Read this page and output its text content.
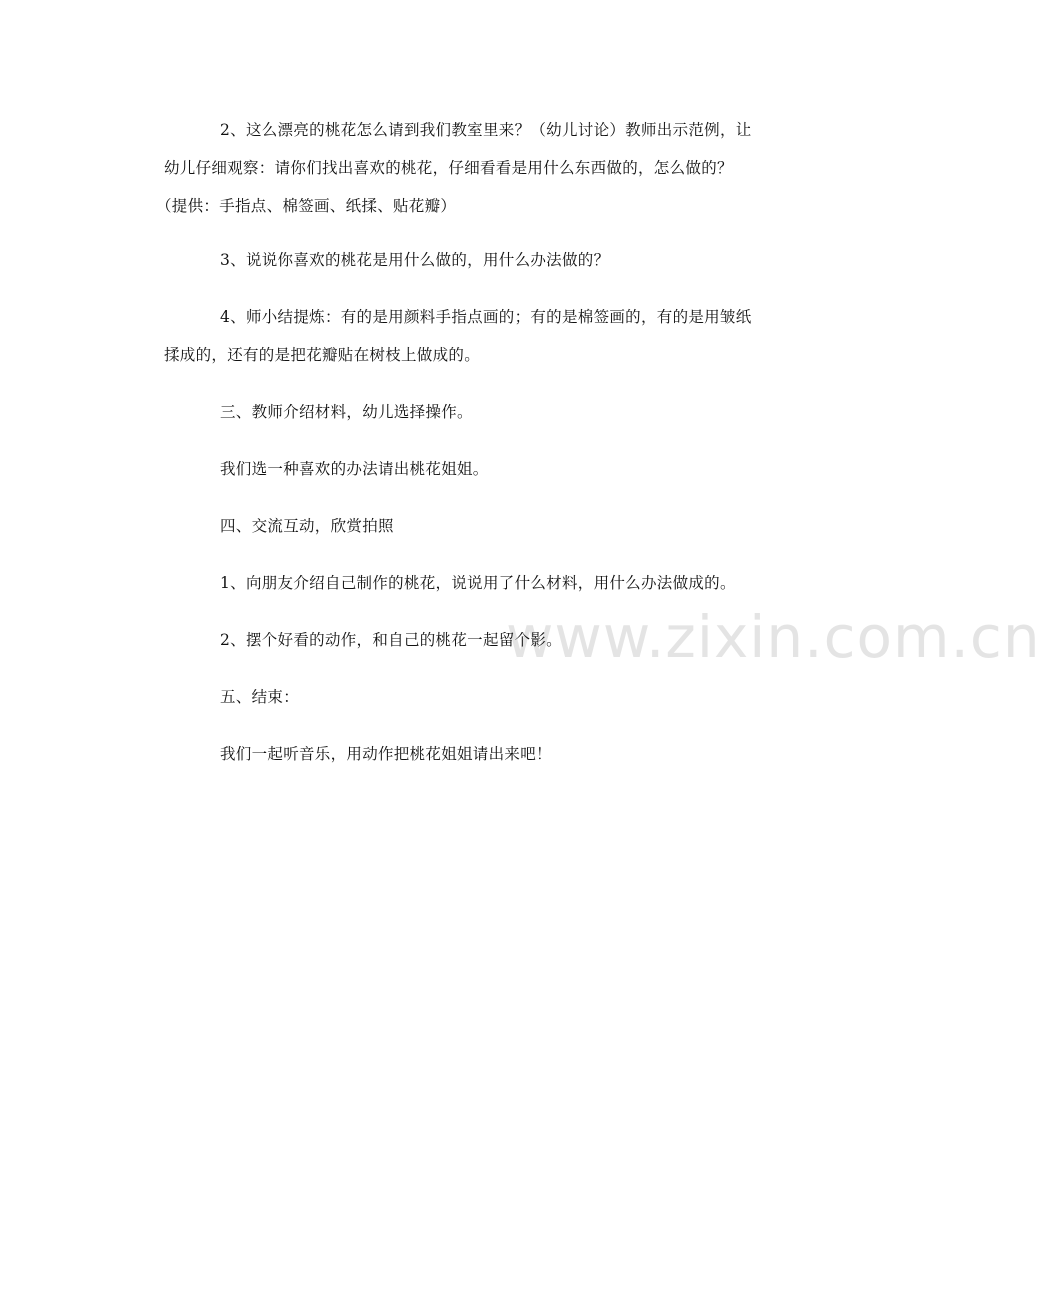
www.zixin.com.cn

2、这么漂亮的桃花怎么请到我们教室里来？（幼儿讨论）教师出示范例，让
幼儿仔细观察：请你们找出喜欢的桃花，仔细看看是用什么东西做的，怎么做的？
（提供：手指点、棉签画、纸揉、贴花瓣）

3、说说你喜欢的桃花是用什么做的，用什么办法做的？

4、师小结提炼：有的是用颜料手指点画的；有的是棉签画的，有的是用皱纸
揉成的，还有的是把花瓣贴在树枝上做成的。

三、教师介绍材料，幼儿选择操作。

我们选一种喜欢的办法请出桃花姐姐。

四、交流互动，欣赏拍照

1、向朋友介绍自己制作的桃花，说说用了什么材料，用什么办法做成的。

2、摆个好看的动作，和自己的桃花一起留个影。

五、结束：

我们一起听音乐，用动作把桃花姐姐请出来吧！
